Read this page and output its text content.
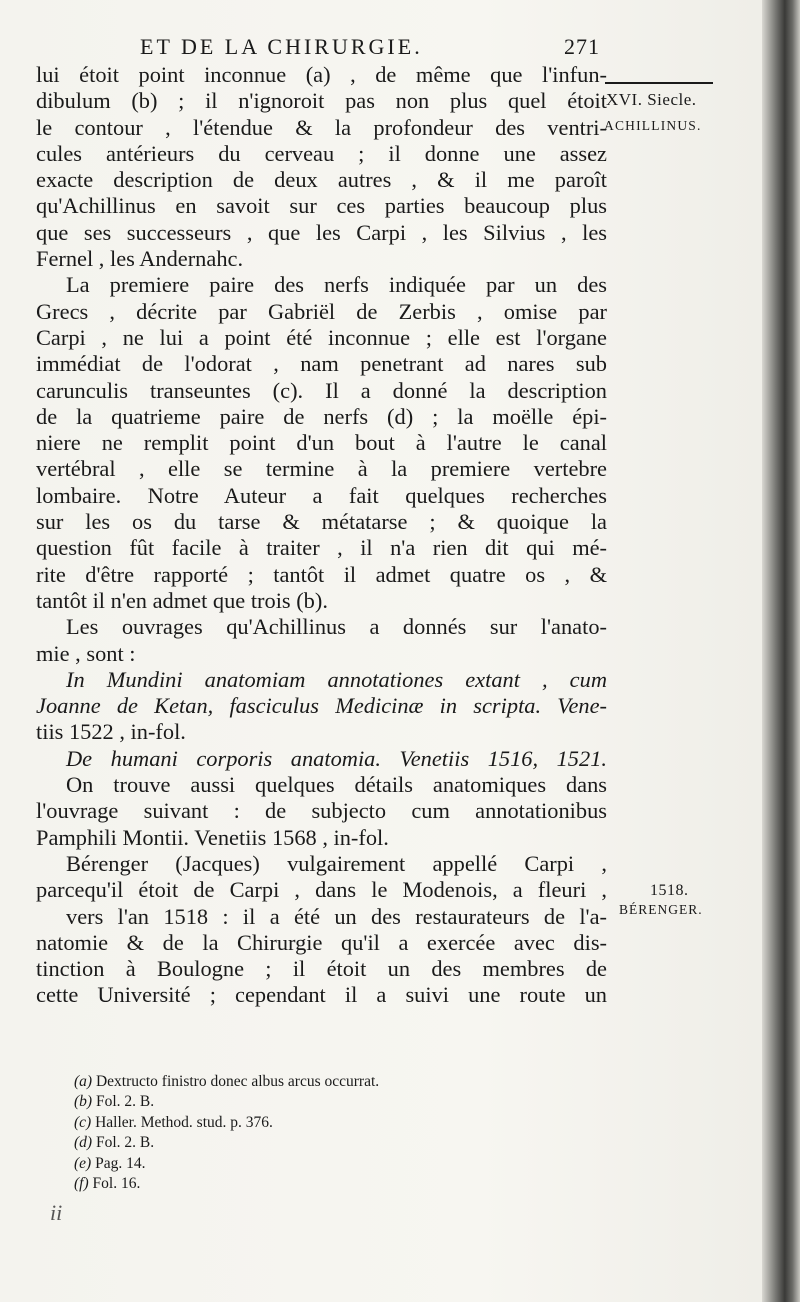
ET DE LA CHIRURGIE.	271
XVI. Siecle.
ACHILLINUS.
1518.
BÉRENGER.
lui étoit point inconnue (a) , de même que l'infun-
dibulum (b) ; il n'ignoroit pas non plus quel étoit
le contour , l'étendue & la profondeur des ventri-
cules antérieurs du cerveau ; il donne une assez
exacte description de deux autres , & il me paroît
qu'Achillinus en savoit sur ces parties beaucoup plus
que ses successeurs , que les Carpi , les Silvius , les
Fernel , les Andernahc.
La premiere paire des nerfs indiquée par un des
Grecs , décrite par Gabriël de Zerbis , omise par
Carpi , ne lui a point été inconnue ; elle est l'organe
immédiat de l'odorat , nam penetrant ad nares sub
carunculis transeuntes (c). Il a donné la description
de la quatrieme paire de nerfs (d) ; la moëlle épi-
niere ne remplit point d'un bout à l'autre le canal
vertébral , elle se termine à la premiere vertebre
lombaire. Notre Auteur a fait quelques recherches
sur les os du tarse & métatarse ; & quoique la
question fût facile à traiter , il n'a rien dit qui mé-
rite d'être rapporté ; tantôt il admet quatre os , &
tantôt il n'en admet que trois (b).
Les ouvrages qu'Achillinus a donnés sur l'anato-
mie , sont :
In Mundini anatomiam annotationes extant , cum
Joanne de Ketan, fasciculus Medicinæ in scripta. Vene-
tiis 1522 , in-fol.
De humani corporis anatomia. Venetiis 1516, 1521.
On trouve aussi quelques détails anatomiques dans
l'ouvrage suivant : de subjecto cum annotationibus
Pamphili Montii. Venetiis 1568 , in-fol.
Bérenger (Jacques) vulgairement appellé Carpi ,
parcequ'il étoit de Carpi , dans le Modenois, a fleuri ,
vers l'an 1518 : il a été un des restaurateurs de l'a-
natomie & de la Chirurgie qu'il a exercée avec dis-
tinction à Boulogne ; il étoit un des membres de
cette Université ; cependant il a suivi une route un
(a) Dextructo finistro donec albus arcus occurrat.
(b) Fol. 2. B.
(c) Haller. Method. stud. p. 376.
(d) Fol. 2. B.
(e) Pag. 14.
(f) Fol. 16.
ii
